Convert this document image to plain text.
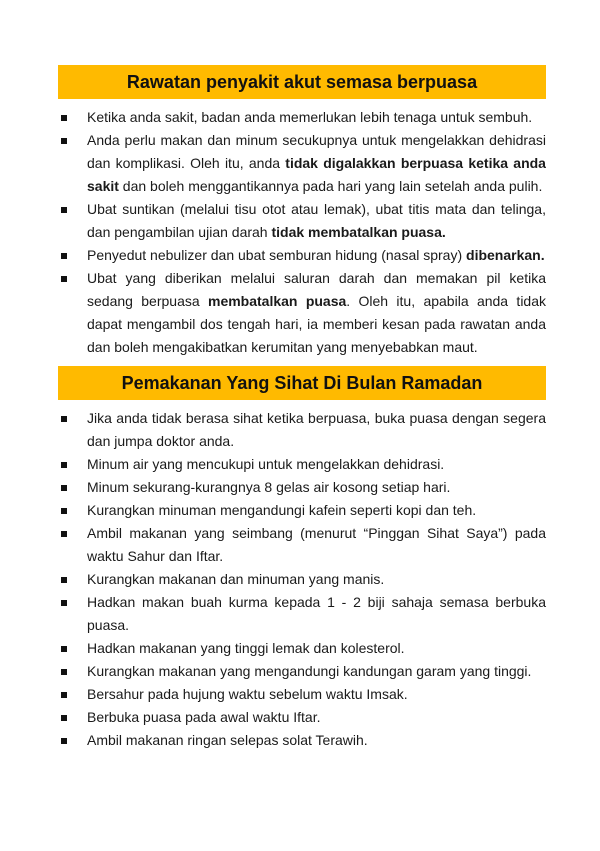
Rawatan penyakit akut semasa berpuasa
Ketika anda sakit, badan anda memerlukan lebih tenaga untuk sembuh.
Anda perlu makan dan minum secukupnya untuk mengelakkan dehidrasi dan komplikasi. Oleh itu, anda tidak digalakkan berpuasa ketika anda sakit dan boleh menggantikannya pada hari yang lain setelah anda pulih.
Ubat suntikan (melalui tisu otot atau lemak), ubat titis mata dan telinga, dan pengambilan ujian darah tidak membatalkan puasa.
Penyedut nebulizer dan ubat semburan hidung (nasal spray) dibenarkan.
Ubat yang diberikan melalui saluran darah dan memakan pil ketika sedang berpuasa membatalkan puasa. Oleh itu, apabila anda tidak dapat mengambil dos tengah hari, ia memberi kesan pada rawatan anda dan boleh mengakibatkan kerumitan yang menyebabkan maut.
Pemakanan Yang Sihat Di Bulan Ramadan
Jika anda tidak berasa sihat ketika berpuasa, buka puasa dengan segera dan jumpa doktor anda.
Minum air yang mencukupi untuk mengelakkan dehidrasi.
Minum sekurang-kurangnya 8 gelas air kosong setiap hari.
Kurangkan minuman mengandungi kafein seperti kopi dan teh.
Ambil makanan yang seimbang (menurut “Pinggan Sihat Saya”) pada waktu Sahur dan Iftar.
Kurangkan makanan dan minuman yang manis.
Hadkan makan buah kurma kepada 1 - 2 biji sahaja semasa berbuka puasa.
Hadkan makanan yang tinggi lemak dan kolesterol.
Kurangkan makanan yang mengandungi kandungan garam yang tinggi.
Bersahur pada hujung waktu sebelum waktu Imsak.
Berbuka puasa pada awal waktu Iftar.
Ambil makanan ringan selepas solat Terawih.
